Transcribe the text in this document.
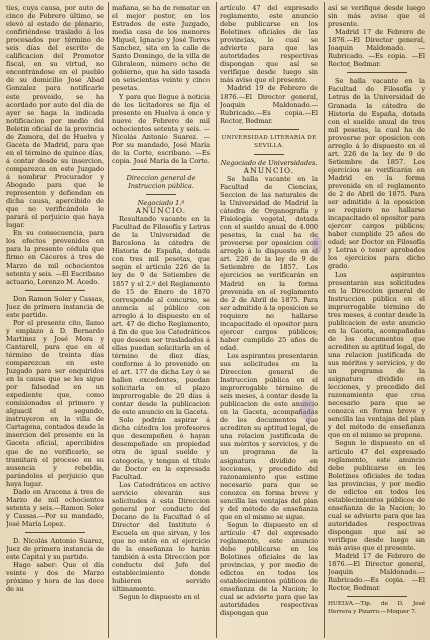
ties, cuya causa, por auto de cinco de Febrero último, se elevó al estado de plenario, confiriéndose traslado á los procesados por término de seis días del escrito de calificacion del Promotor fiscal, en su virtud, no encontrándose en el pueblo de su domicilio José Abad Gonzalez para notificarle este proveido, se ha acordado por auto del día de ayer se haga la indicada notificacion por medio del Boletin oficial de la provincia de Zamora, del de Huelva y Gaceta de Madrid, para que en el término de quince días, á contar desde su insercion, comparezca en este Juzgado á nombrar Procurador y Abogado para que le representen y defiendan en dicha causa, apercibido de que no verificándolo le parará el perjuicio que haya lugar.

En su consecuencia, para los efectos prevenidos en para la presente cédula que firmo en Cáceres á tres de Marzo de mil ochocientos setenta y seis. —El Escribano actuario, Lorenzo M. Acedo.

Don Ramon Soler y Cassas, Juez de primera instancia de este partido.

Por el presente cito, llamo y emplazo á D. Bernardo Martinez y José Mora y Cantarell, para que en el término de treinta días comparezcan en este Juzgado para ser enquiridos en la causa que se les sigue por falsedad en un expediente que, como comisionados el primero y alguacil el segundo, instruyeron en la villa de Cartagena, contados desde la insercion del presente en la Gaceta oficial, apercibidos que de no verificarlo, se tramitará el proceso en su ausencia y rebeldía, parándoles el perjuicio que haya lugar.

Dado en Aracena á tres de Marzo de mil ochocientos setenta y seis.—Ramon Soler y Cassas.—Por su mandado, José María Lopez.

D. Nicolás Antonio Suarez, Juez de primera instancia de este Capital y su partido.

Hago saber: Que el día veinte y dos de Marzo próximo y hora de las doce de su

mañana, se ha de rematar en el mejor postor, en los Estrados de este Juzgado, media casa de los menores Miguel, Ignacio y José Torres Sanchez, sita en la calle de Santo Domingo, de la villa de Gibraleon, número ocho de gobierno, que ha sido tasada en seiscientas veinte y cinco pesetas.

Y para que llegue á noticia de los licitadores se fija el presente en Huelva á once y nueve de Febrero de mil ochocientos setenta y seis. — Nicolás Antonio Suarez. — Por su mandado, José María de la Corte, escribano. —Es copia. José María de la Corte.

Direccion general de Instruccion pública.

Negociado 1.º

ANUNCIO.

Resultando vacante en la Facultad de Filosofía y Letras de la Universidad de Barcelona la cátedra de Historia de España, dotada con tres mil pesetas, que según el artículo 226 de la ley de 9 de Setiembre de 1857 y el 2.º del Reglamento de 15 de Enero de 1870 corresponde al concurso, se anuncia al público con arreglo á lo dispuesto en el art. 47 de dicho Reglamento, á fin de que los Catedráticos que deseen ser trasladados á ellas puedan solicitarla en el término de diez días, conforme á lo prevenido en el art. 177 de dicha Ley ó se hallen excedentes, puedan solicitarla en el plazo improrrogable de 20 días á contar desde la publicacion de este anuncio en la Gaceta.

Solo podrán aspirar á dicha cátedra los profesores que desempeñen ó hayan desempeñado en propiedad otra de igual sueldo y categoría, y tengan el título de Doctor en la expresada Facultad.

Los Catedráticos en activo servicio elevarán sus solicitudes á esta Direccion general por conducto del Decano de la Facultad ó el Director del Instituto ó Escuela en que sirvan, y los que no estén en el ejercicio de la enseñanza lo harán también á esta Direccion por conducto del Jefe del establecimiento donde hubieren servido últimamente.

Segun lo dispuesto en el

artículo 47 del expresado reglamento, este anuncio debe publicarse en los Boletines oficiales de las provincias, lo cual se advierte para que las autoridades respectivas dispongan que así se verifique desde luego sin más aviso que el presente.

Madrid 19 de Febrero de 1876.—El Director general, Joaquin Maldonado.—Rubricado.—Es copia.—El Rector, Bedmar.

UNIVERSIDAD LITERARIA DE SEVILLA.

Negociado de Universidades.

ANUNCIO.

Se halla vacante en la Facultad de Ciencias, Seccion de las naturales de la Universidad de Madrid la cátedra de Organografía y Fisiología vegetal, dotada con el sueldo anual de 4.000 pesetas, la cual ha de proveerse por oposicion con arreglo á lo dispuesto en el art. 226 de la ley de 9 de Setiembre de 1857. Los ejercicios se verificarán en Madrid en la forma prevenida en el reglamento de 2 de Abril de 1875. Para ser admitido á la oposicion se requiere no hallarse incapacitado el opositor para ejercer cargos públicos; haber cumplido 25 años de edad.

Los aspirantes presentarán sus solicitudes en la Direccion general de Instruccion pública en el improrrogable término de seis meses, á contar desde la publicacion de este anuncio en la Gaceta, acompañadas de los documentos que acrediten su aptitud legal, de una relacion justificada de sus méritos y servicios, y de un programa de la asignatura dividido en lecciones, y precedido del razonamiento que estime necesario para que se conozca en forma breve y sencilla las ventajas del plan y del método de enseñanza que en el mismo se sigue.

Segun lo dispuesto en el artículo 47 del expresado reglamento, este anuncio debe publicarse en los Boletines oficiales de las provincias, y por medio de edictos en todos los establecimientos públicos de enseñanza de la Nacion; lo cual se advierte para que las autoridades respectivas dispongan que

así se verifique desde luego sin más aviso que el presente.

Madrid 17 de Febrero de 1876.—El Director general, Joaquin Maldonado. —Rubricado. —Es copia. —El Rector, Bedmar.

Se halla vacante en la Facultad de Filosofía y Letras de la Universidad de Granada la cátedra de Historia de España, dotada con el sueldo anual de tres mil pesetas, la cual ha de proveerse por oposicion con arreglo á lo dispuesto en el art. 226 de la ley de 9 de Setiembre de 1857. Los ejercicios se verificarán en Madrid en la forma prevenida en el reglamento de 2 de Abril de 1875. Para ser admitido á la oposicion se requiere no hallarse incapacitado el opositor para ejercer cargos públicos; haber cumplido 25 años de edad; ser Doctor en Filosofía y Letras ó tener aprobados los ejercicios para dicho grado.

Los aspirantes presentarán sus solicitudes en la Direccion general de Instruccion pública en el improrrogable término de tres meses, á contar desde la publicacion de este anuncio en la Gaceta, acompañadas de los documentos que acrediten su aptitud legal, de una relacion justificada de sus méritos y servicios, y de un programa de la asignatura dividido en lecciones, y precedido del razonamiento que crea necesario para que se conozca en forma breve y sencilla las ventajas del plan y del método de enseñanza que en el mismo se propone.

Segun lo dispuesto en el artículo 47 del expresado reglamento, este anuncio debe publicarse en los Boletines oficiales de todas las provincias, y por medio de edictos en todos los establecimientos públicos de enseñanza de la Nacion; lo cual se advierte para que las autoridades respectivas dispongan que así se verifique desde luego sin más aviso que el presente.

Madrid 17 de Febrero de 1876.—El Director general, Joaquin Maldonado.—Rubricado.—Es copia. —El Rector, Bedmar.

HUELVA.—Tip. de D. José Herrera y Pizarro.—Moquer 7.
